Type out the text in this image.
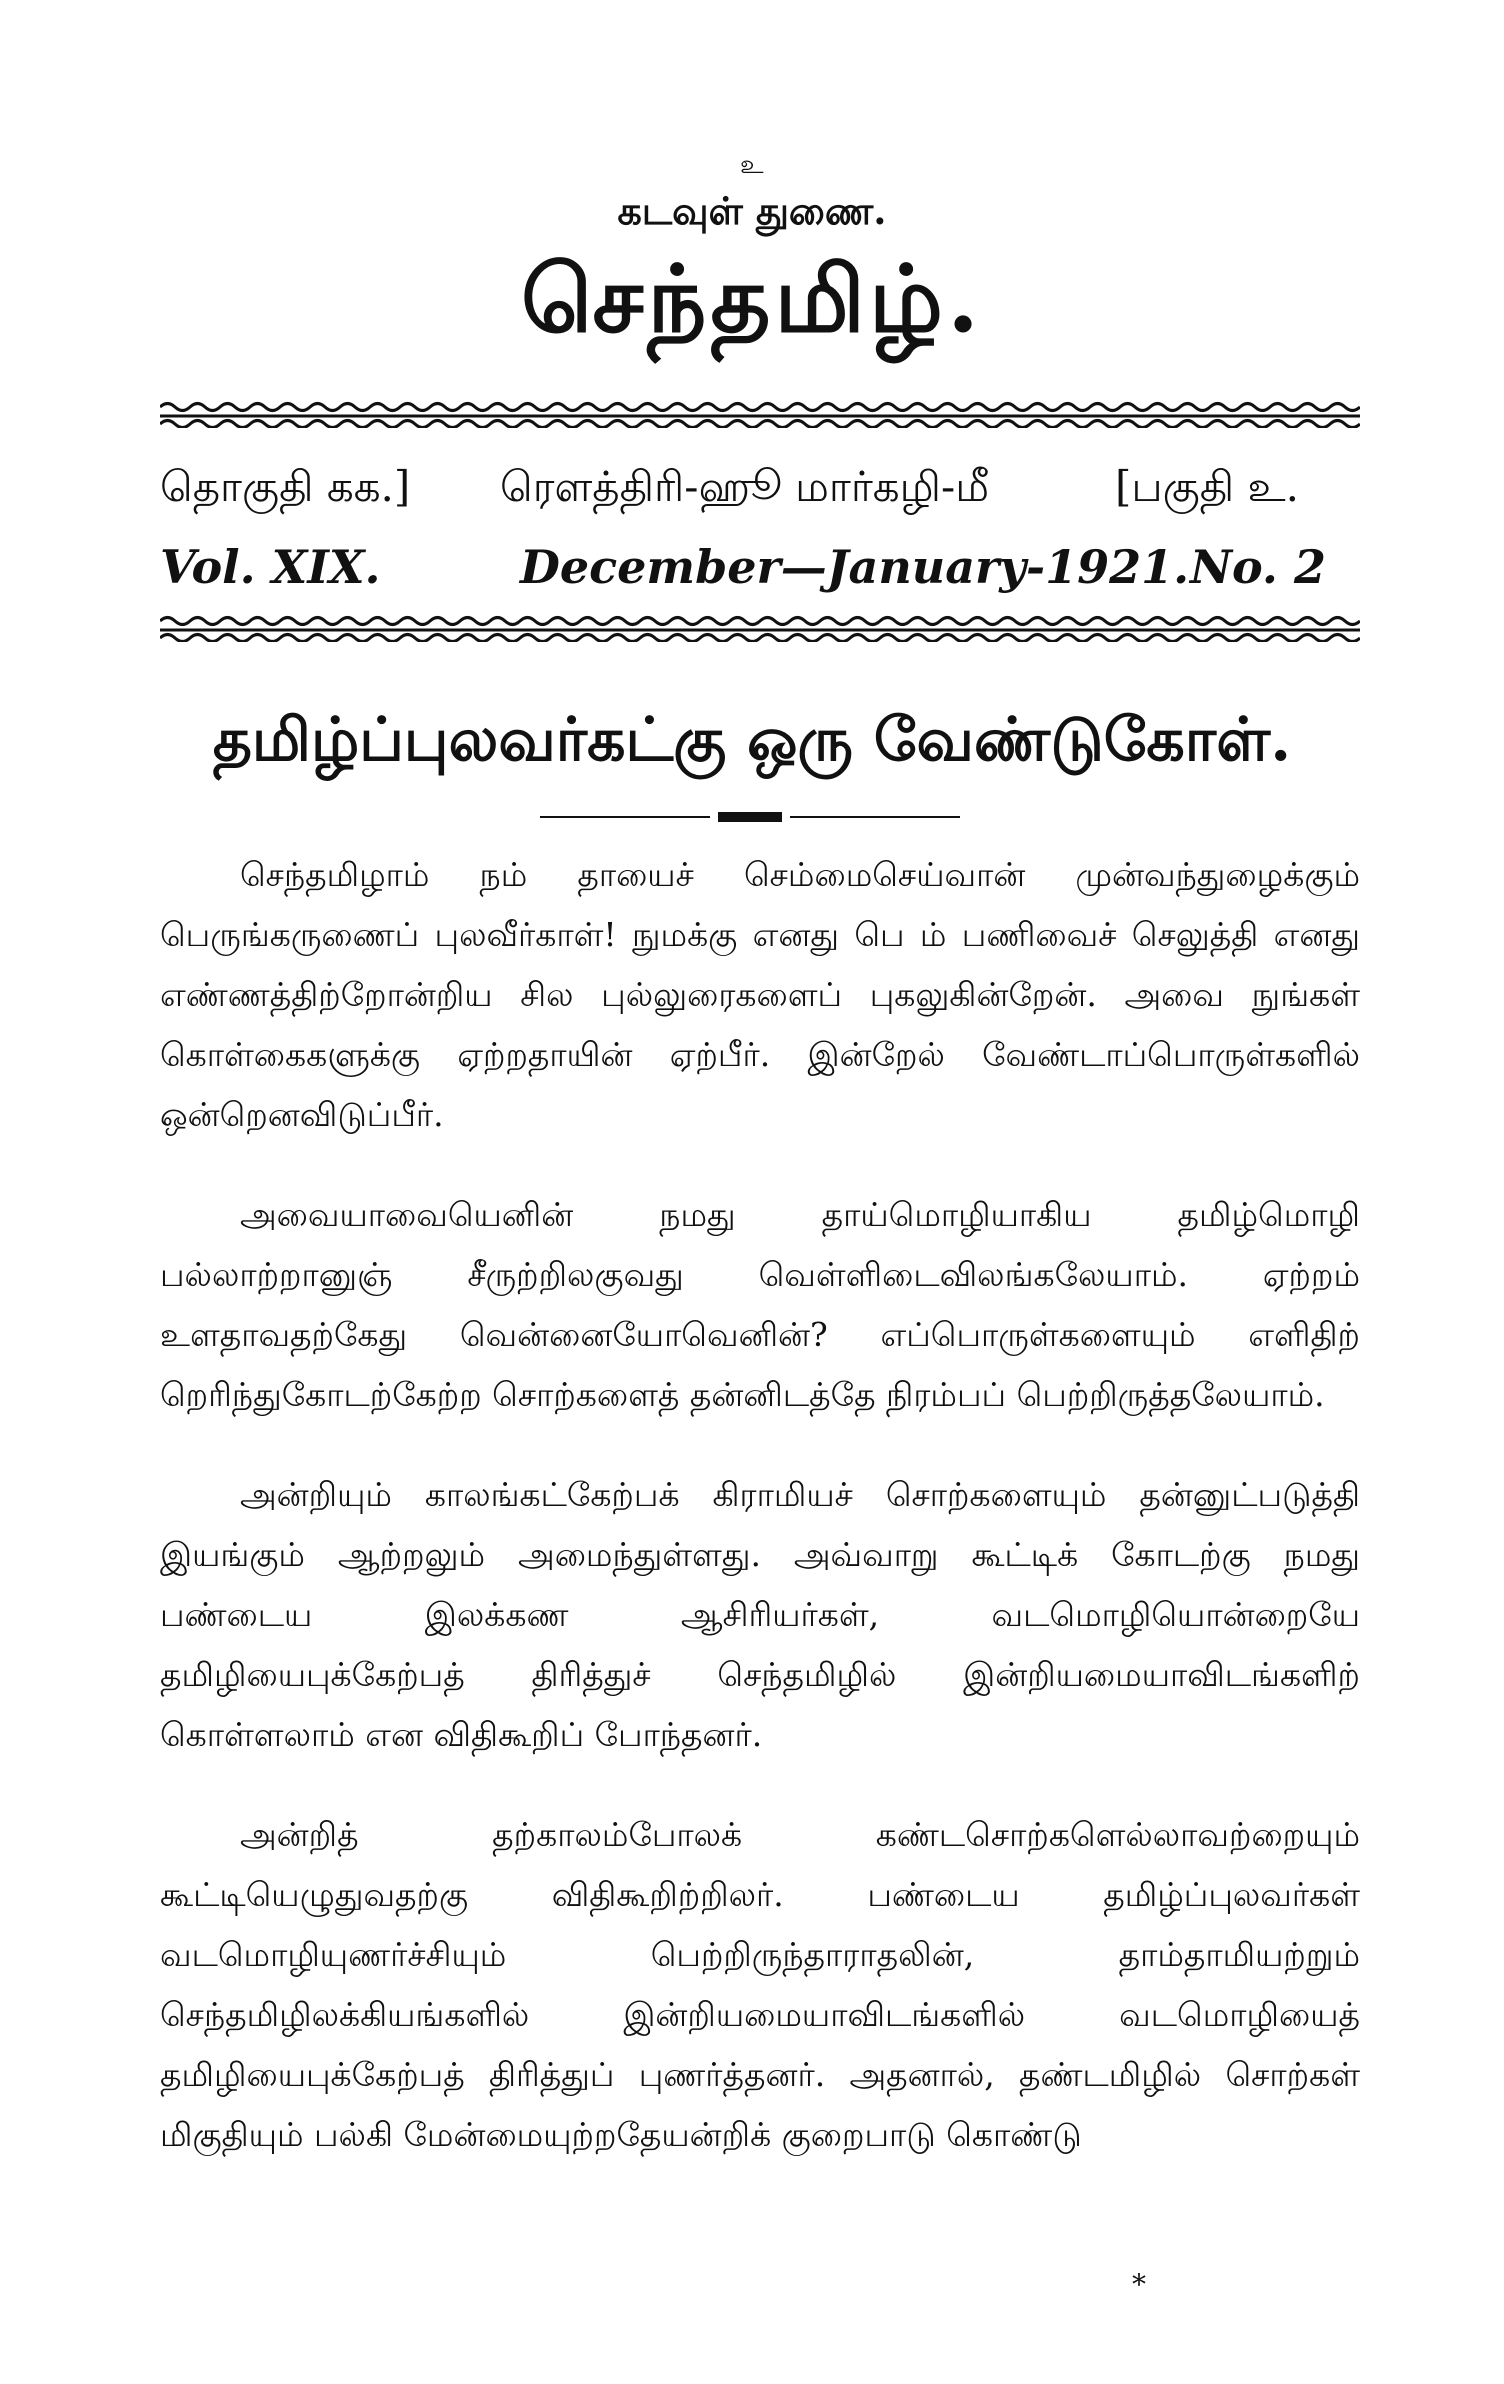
உ
கடவுள் துணை.
செந்தமிழ்.
தொகுதி கக.] ரௌத்திரி-ஹூ மார்கழி-மீ	[பகுதி உ.
Vol. XIX.	December—January-1921. No. 2
தமிழ்ப்புலவர்கட்கு ஒரு வேண்டுகோள்.

செந்தமிழாம் நம் தாயைச் செம்மைசெய்வான் முன்வந்துழைக்கும் பெருங்கருணைப் புலவீர்காள்! நுமக்கு எனது பெ ம் பணிவைச் செலுத்தி எனது எண்ணத்திற்றோன்றிய சில புல்லுரைகளைப் புகலுகின்றேன். அவை நுங்கள் கொள்கைகளுக்கு ஏற்றதாயின் ஏற்பீர். இன்றேல் வேண்டாப்பொருள்களில் ஒன்றெனவிடுப்பீர்.

அவையாவையெனின் நமது தாய்மொழியாகிய தமிழ்மொழி பல்லாற்றானுஞ் சீருற்றிலகுவது வெள்ளிடைவிலங்கலேயாம். ஏற்றம் உளதாவதற்கேது வென்னையோவெனின்? எப்பொருள்களையும் எளிதிற் றெரிந்துகோடற்கேற்ற சொற்களைத் தன்னிடத்தே நிரம்பப் பெற்றிருத்தலேயாம்.

அன்றியும் காலங்கட்கேற்பக் கிராமியச் சொற்களையும் தன்னுட்படுத்தி இயங்கும் ஆற்றலும் அமைந்துள்ளது. அவ்வாறு கூட்டிக் கோடற்கு நமது பண்டைய இலக்கண ஆசிரியர்கள், வடமொழியொன்றையே தமிழியைபுக்கேற்பத் திரித்துச் செந்தமிழில் இன்றியமையாவிடங்களிற் கொள்ளலாம் என விதிகூறிப் போந்தனர்.

அன்றித் தற்காலம்போலக் கண்டசொற்களெல்லாவற்றையும் கூட்டியெழுதுவதற்கு விதிகூறிற்றிலர். பண்டைய தமிழ்ப்புலவர்கள் வடமொழியுணர்ச்சியும் பெற்றிருந்தாராதலின், தாம்தாமியற்றும் செந்தமிழிலக்கியங்களில் இன்றியமையாவிடங்களில் வடமொழியைத் தமிழியைபுக்கேற்பத் திரித்துப் புணர்த்தனர். அதனால், தண்டமிழில் சொற்கள் மிகுதியும் பல்கி மேன்மையுற்றதேயன்றிக் குறைபாடு கொண்டு

*
